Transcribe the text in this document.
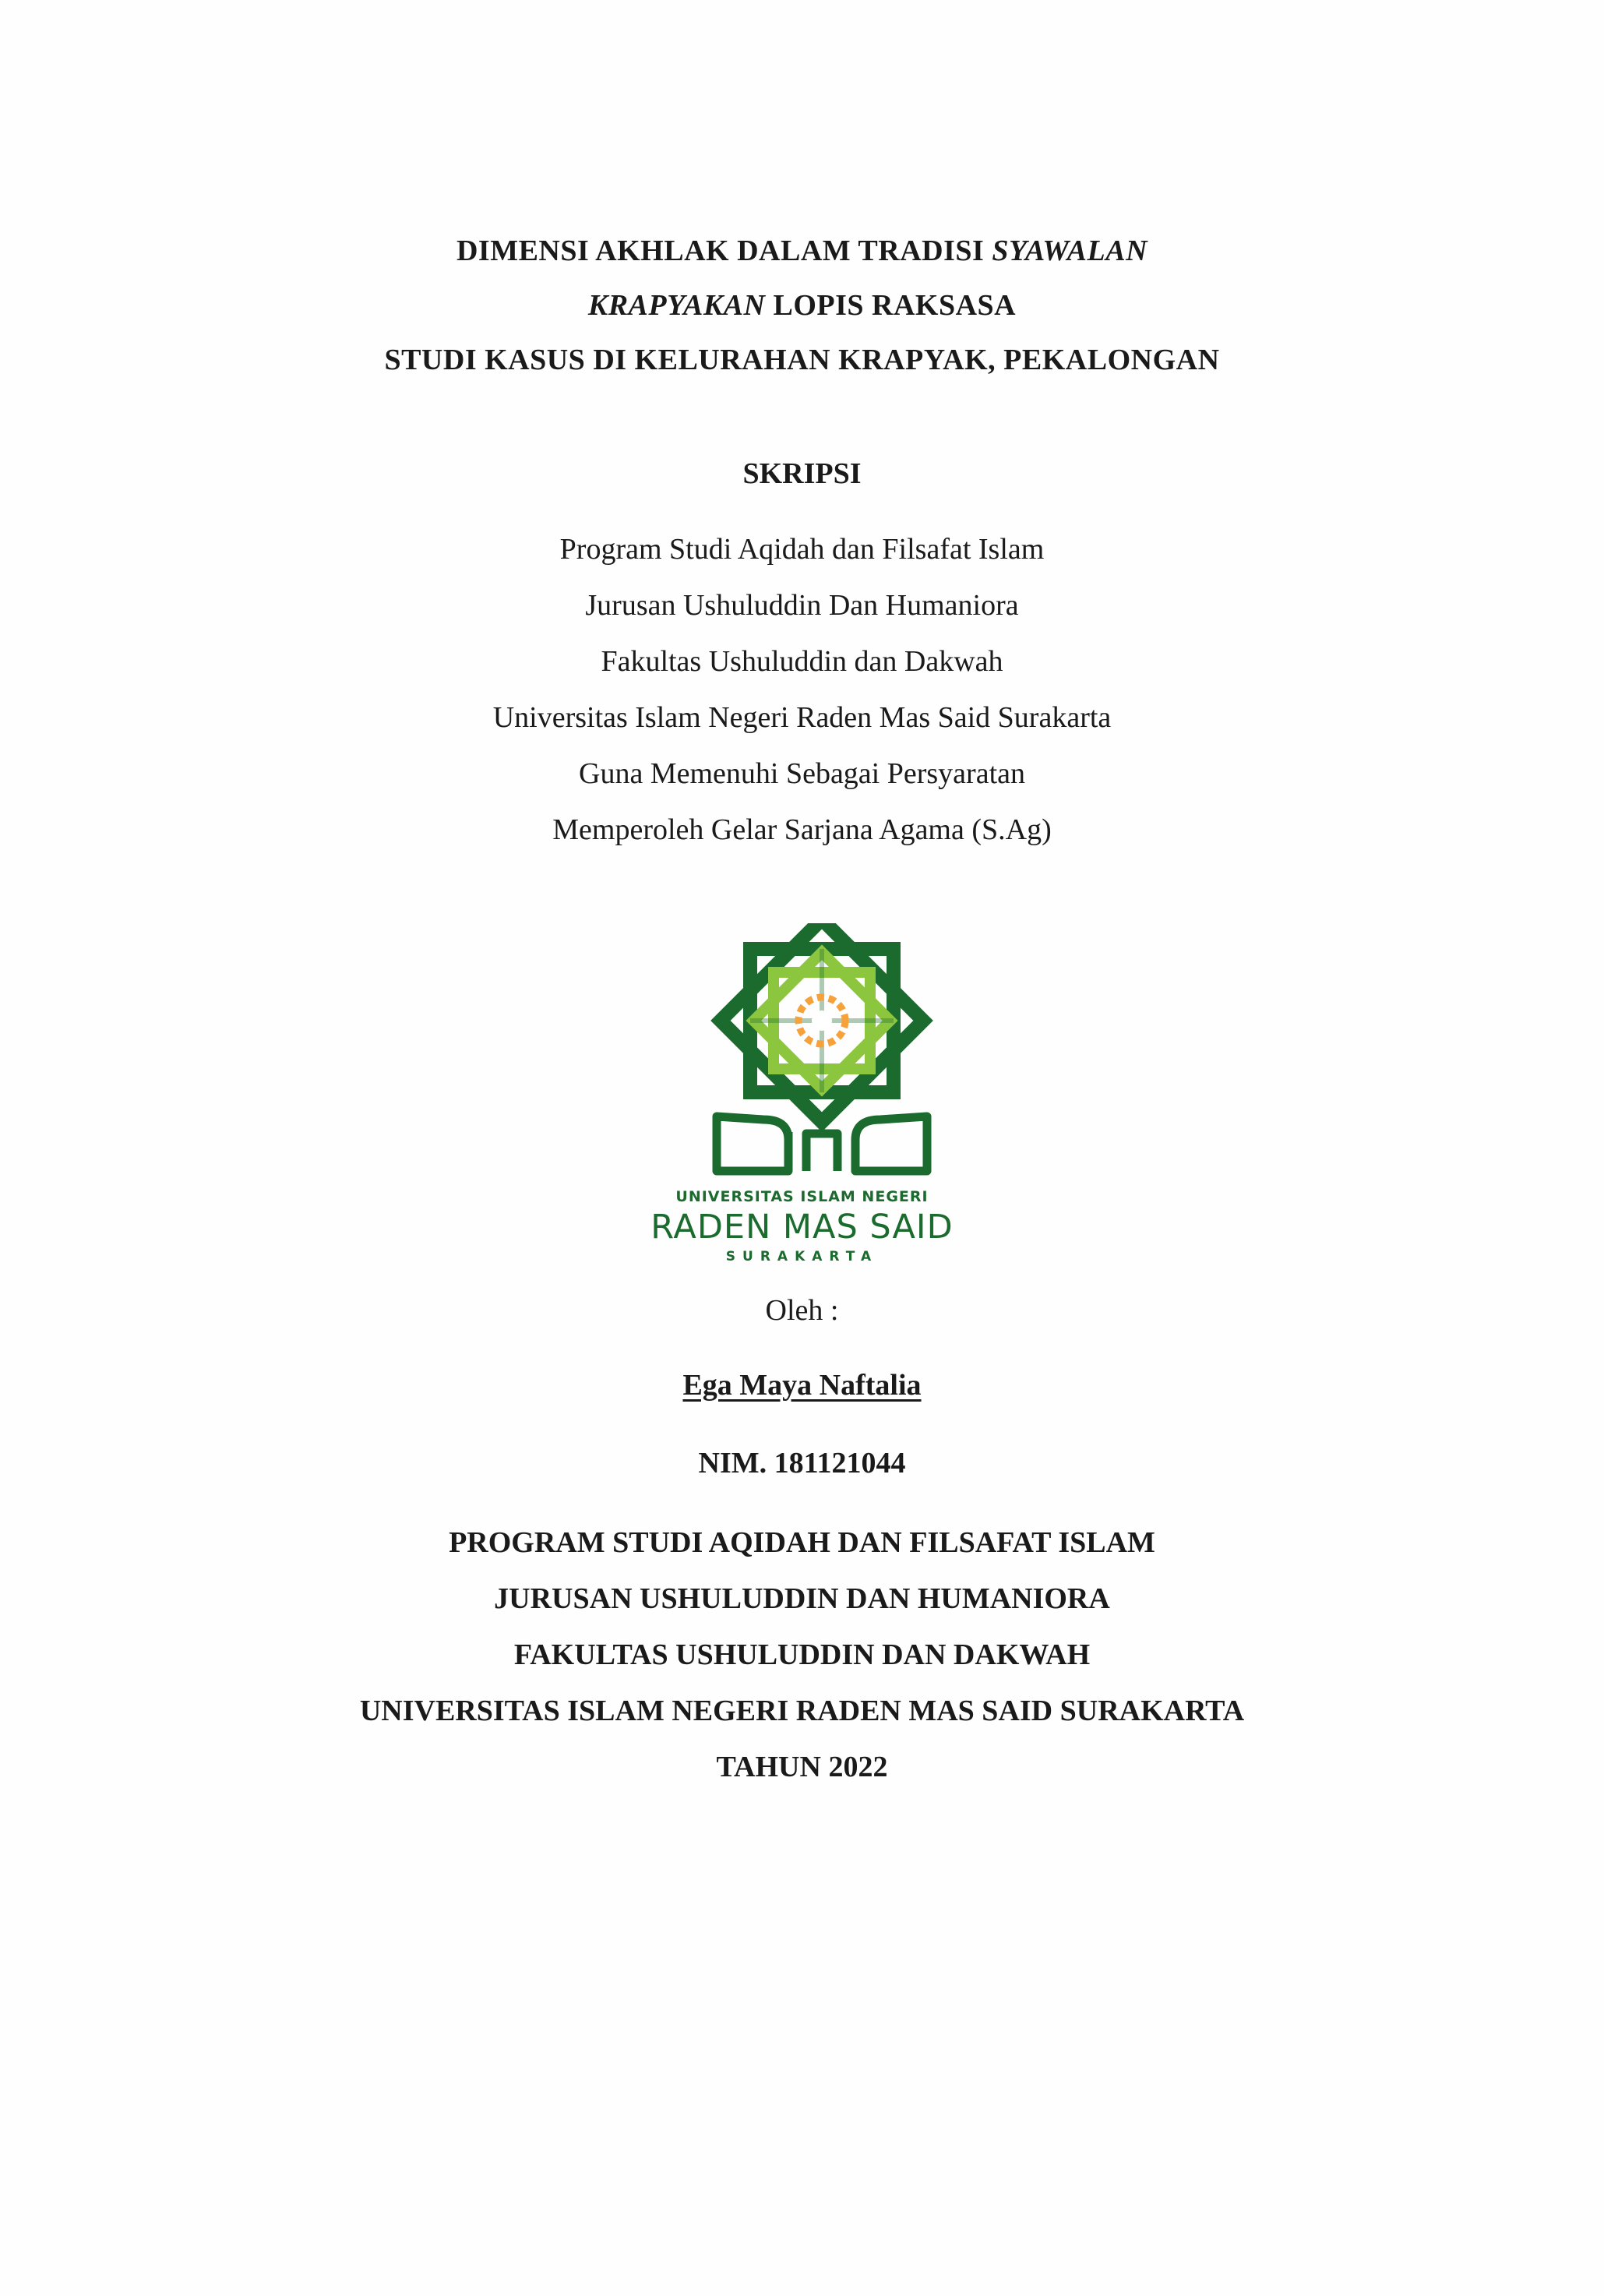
DIMENSI AKHLAK DALAM TRADISI SYAWALAN
KRAPYAKAN LOPIS RAKSASA
STUDI KASUS DI KELURAHAN KRAPYAK, PEKALONGAN
SKRIPSI
Program Studi Aqidah dan Filsafat Islam
Jurusan Ushuluddin Dan Humaniora
Fakultas Ushuluddin dan Dakwah
Universitas Islam Negeri Raden Mas Said Surakarta
Guna Memenuhi Sebagai Persyaratan
Memperoleh Gelar Sarjana Agama (S.Ag)
UNIVERSITAS ISLAM NEGERI
RADEN MAS SAID
SURAKARTA
Oleh :
Ega Maya Naftalia
NIM. 181121044
PROGRAM STUDI AQIDAH DAN FILSAFAT ISLAM
JURUSAN USHULUDDIN DAN HUMANIORA
FAKULTAS USHULUDDIN DAN DAKWAH
UNIVERSITAS ISLAM NEGERI RADEN MAS SAID SURAKARTA
TAHUN 2022
